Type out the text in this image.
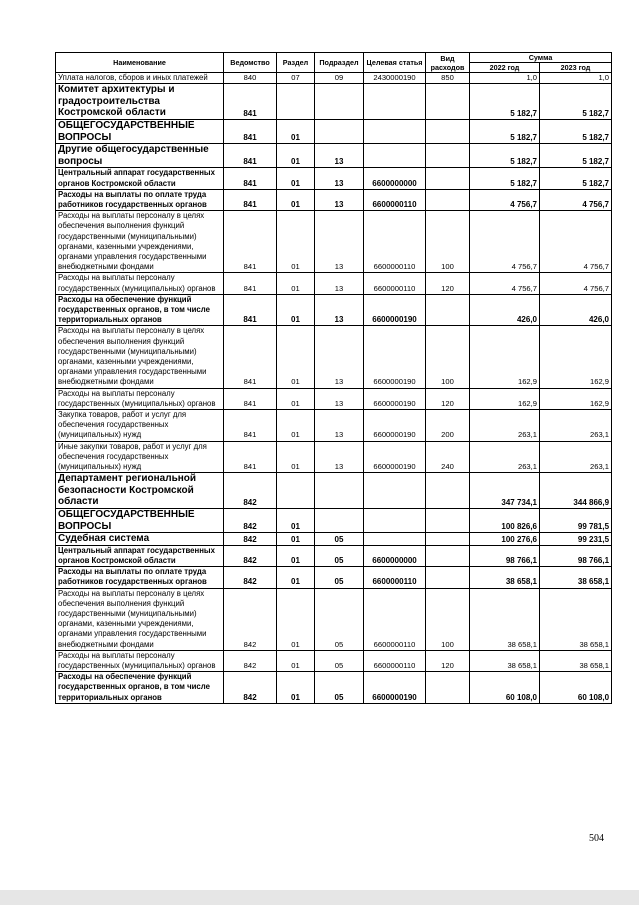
Наименование	Ведомство	Раздел	Подраздел	Целевая статья	Вид расходов	Сумма	
						2022 год	2023 год
Уплата налогов, сборов и иных платежей	840	07	09	2430000190	850	1,0	1,0
Комитет архитектуры и градостроительства Костромской области	841					5 182,7	5 182,7
ОБЩЕГОСУДАРСТВЕННЫЕ ВОПРОСЫ	841	01				5 182,7	5 182,7
Другие общегосударственные вопросы	841	01	13			5 182,7	5 182,7
Центральный аппарат государственных органов Костромской области	841	01	13	6600000000		5 182,7	5 182,7
Расходы на выплаты по оплате труда работников государственных органов	841	01	13	6600000110		4 756,7	4 756,7
Расходы на выплаты персоналу в целях обеспечения выполнения функций государственными (муниципальными) органами, казенными учреждениями, органами управления государственными внебюджетными фондами	841	01	13	6600000110	100	4 756,7	4 756,7
Расходы на выплаты персоналу государственных (муниципальных) органов	841	01	13	6600000110	120	4 756,7	4 756,7
Расходы на обеспечение функций государственных органов, в том числе территориальных органов	841	01	13	6600000190		426,0	426,0
Расходы на выплаты персоналу в целях обеспечения выполнения функций государственными (муниципальными) органами, казенными учреждениями, органами управления государственными внебюджетными фондами	841	01	13	6600000190	100	162,9	162,9
Расходы на выплаты персоналу государственных (муниципальных) органов	841	01	13	6600000190	120	162,9	162,9
Закупка товаров, работ и услуг для обеспечения государственных (муниципальных) нужд	841	01	13	6600000190	200	263,1	263,1
Иные закупки товаров, работ и услуг для обеспечения государственных (муниципальных) нужд	841	01	13	6600000190	240	263,1	263,1
Департамент региональной безопасности Костромской области	842					347 734,1	344 866,9
ОБЩЕГОСУДАРСТВЕННЫЕ ВОПРОСЫ	842	01				100 826,6	99 781,5
Судебная система	842	01	05			100 276,6	99 231,5
Центральный аппарат государственных органов Костромской области	842	01	05	6600000000		98 766,1	98 766,1
Расходы на выплаты по оплате труда работников государственных органов	842	01	05	6600000110		38 658,1	38 658,1
Расходы на выплаты персоналу в целях обеспечения выполнения функций государственными (муниципальными) органами, казенными учреждениями, органами управления государственными внебюджетными фондами	842	01	05	6600000110	100	38 658,1	38 658,1
Расходы на выплаты персоналу государственных (муниципальных) органов	842	01	05	6600000110	120	38 658,1	38 658,1
Расходы на обеспечение функций государственных органов, в том числе территориальных органов	842	01	05	6600000190		60 108,0	60 108,0
504
